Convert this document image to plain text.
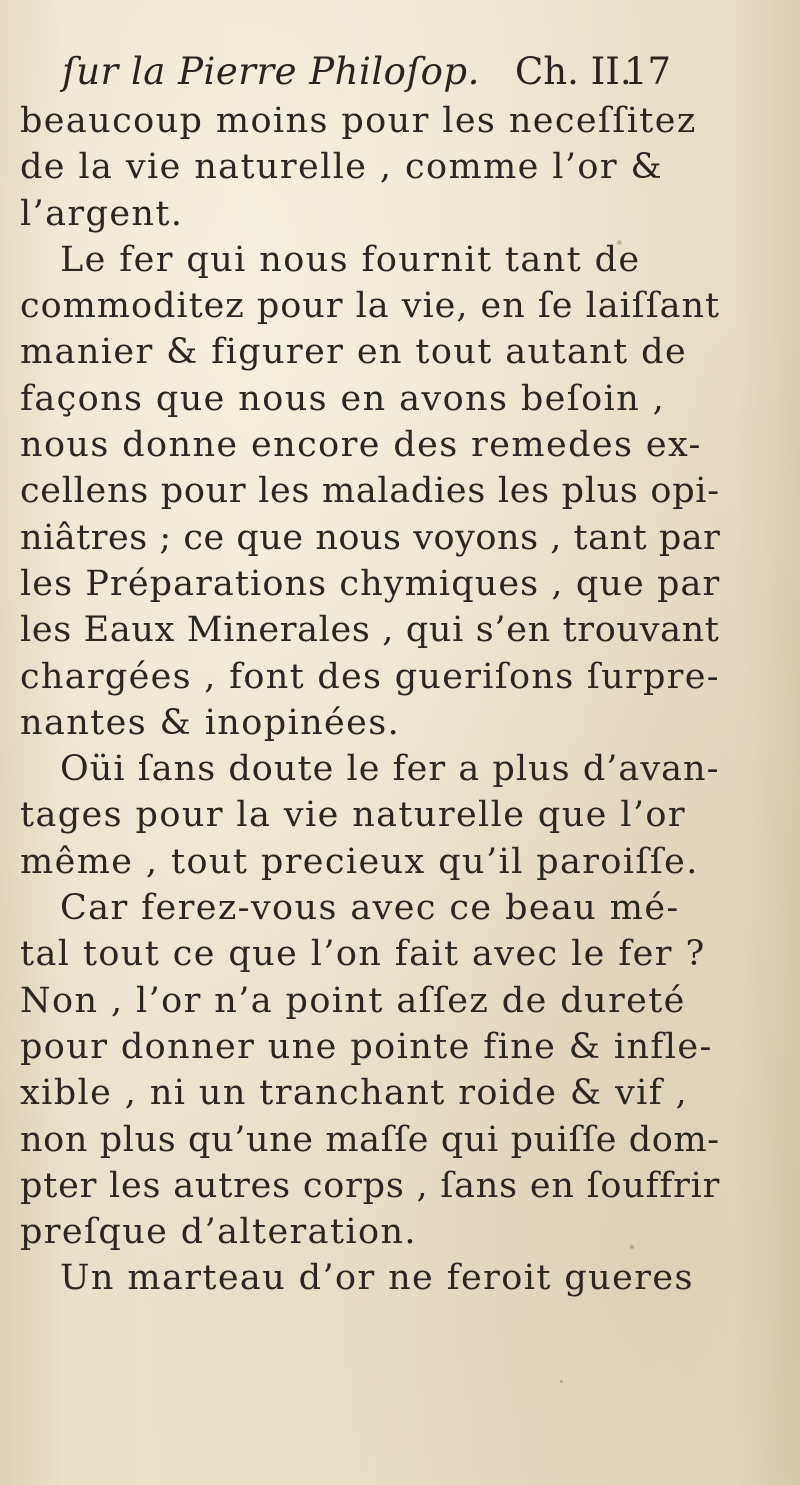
ſur la Pierre Philoſop. Ch. II.
17
beaucoup moins pour les neceſſitez
de la vie naturelle , comme l’or &
l’argent.
Le fer qui nous fournit tant de
commoditez pour la vie, en ſe laiſſant
manier & figurer en tout autant de
façons que nous en avons beſoin ,
nous donne encore des remedes ex-
cellens pour les maladies les plus opi-
niâtres ; ce que nous voyons , tant par
les Préparations chymiques , que par
les Eaux Minerales , qui s’en trouvant
chargées , font des gueriſons ſurpre-
nantes & inopinées.
Oüi ſans doute le fer a plus d’avan-
tages pour la vie naturelle que l’or
même , tout precieux qu’il paroiſſe.
Car ferez-vous avec ce beau mé-
tal tout ce que l’on fait avec le fer ?
Non , l’or n’a point aſſez de dureté
pour donner une pointe fine & infle-
xible , ni un tranchant roide & vif ,
non plus qu’une maſſe qui puiſſe dom-
pter les autres corps , ſans en ſouffrir
preſque d’alteration.
Un marteau d’or ne feroit gueres
